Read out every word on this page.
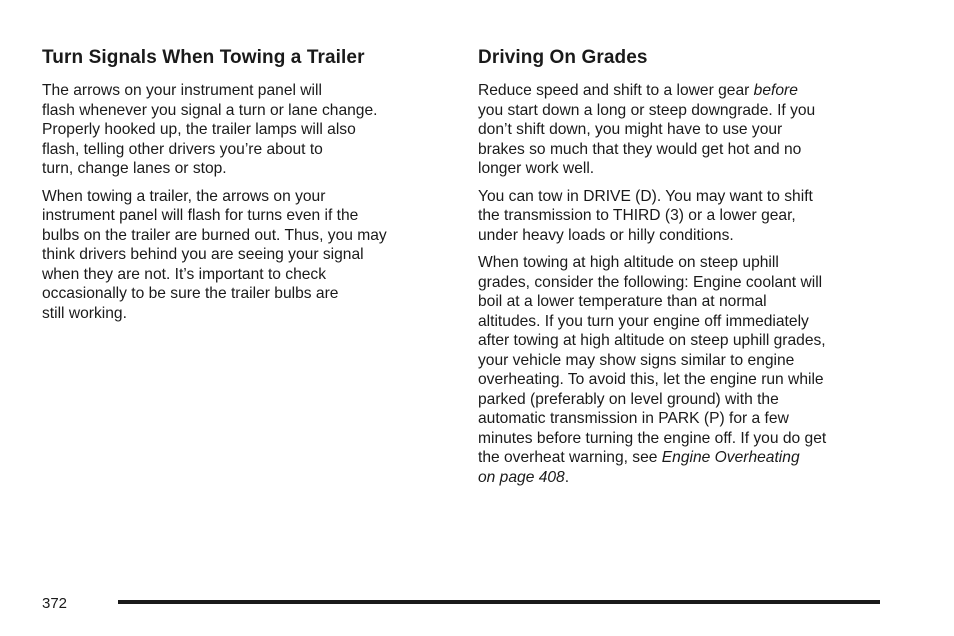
Turn Signals When Towing a Trailer

The arrows on your instrument panel will
flash whenever you signal a turn or lane change.
Properly hooked up, the trailer lamps will also
flash, telling other drivers you’re about to
turn, change lanes or stop.

When towing a trailer, the arrows on your
instrument panel will flash for turns even if the
bulbs on the trailer are burned out. Thus, you may
think drivers behind you are seeing your signal
when they are not. It’s important to check
occasionally to be sure the trailer bulbs are
still working.

Driving On Grades

Reduce speed and shift to a lower gear before
you start down a long or steep downgrade. If you
don’t shift down, you might have to use your
brakes so much that they would get hot and no
longer work well.

You can tow in DRIVE (D). You may want to shift
the transmission to THIRD (3) or a lower gear,
under heavy loads or hilly conditions.

When towing at high altitude on steep uphill
grades, consider the following: Engine coolant will
boil at a lower temperature than at normal
altitudes. If you turn your engine off immediately
after towing at high altitude on steep uphill grades,
your vehicle may show signs similar to engine
overheating. To avoid this, let the engine run while
parked (preferably on level ground) with the
automatic transmission in PARK (P) for a few
minutes before turning the engine off. If you do get
the overheat warning, see Engine Overheating
on page 408.

372
